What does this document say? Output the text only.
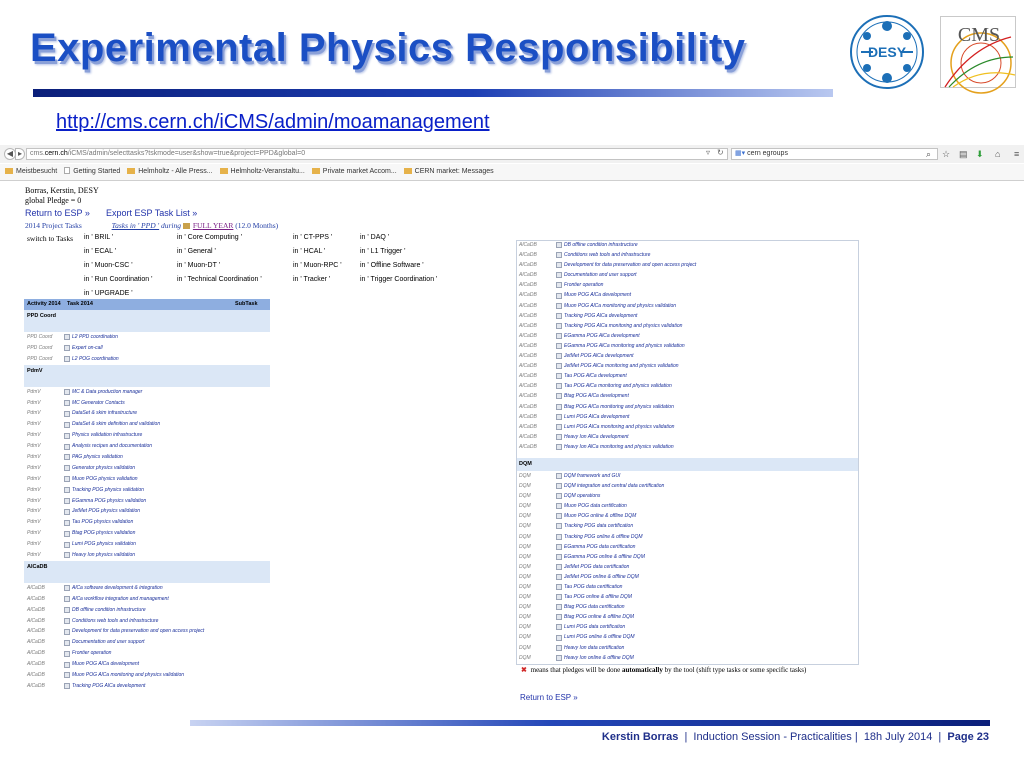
Experimental Physics Responsibility	DESY
CMS
http://cms.cern.ch/iCMS/admin/moamanagement
◀ ▸	cms.cern.ch/iCMS/admin/selecttasks?tskmode=user&show=true&project=PPD&global=0	▿ ↻	▦▾ cern egroups	⌕ ☆ ▤ ⬇ ⌂ ≡
Meistbesucht Getting Started	Helmholtz - Alle Press...	Helmholtz-Veranstaltu...	Private market Accom...	CERN market: Messages
Borras, Kerstin, DESY
global Pledge = 0
Return to ESP » Export ESP Task List »
2014 Project Tasks	Tasks in ' PPD ' during FULL YEAR (12.0 Months)
switch to Tasks in ' BRIL '	in ' Core Computing '	in ' CT-PPS '	in ' DAQ '
in ' ECAL '	in ' General '	in ' HCAL '	in ' L1 Trigger '
in ' Muon-CSC '	in ' Muon-DT '	in ' Muon-RPC '	in ' Offline Software '
in ' Run Coordination '	in ' Technical Coordination '	in ' Tracker '	in ' Trigger Coordination '
in ' UPGRADE '
Activity 2014	Task 2014	SubTask
PPD Coord
PPD Coord	L2 PPD coordination
PPD Coord	Expert on-call
PPD Coord	L2 POG coordination
PdmV
PdmV	MC & Data production manager
PdmV	MC Generator Contacts
PdmV	DataSet & skim infrastructure
PdmV	DataSet & skim definition and validation
PdmV	Physics validation infrastructure
PdmV	Analysis recipes and documentation
PdmV	PAG physics validation
PdmV	Generator physics validation
PdmV	Muon POG physics validation
PdmV	Tracking POG physics validation
PdmV	EGamma POG physics validation
PdmV	JetMet POG physics validation
PdmV	Tau POG physics validation
PdmV	Btag POG physics validation
PdmV	Lumi POG physics validation
PdmV	Heavy Ion physics validation
AlCaDB
AlCaDB	AlCa software development & integration
AlCaDB	AlCa workflow integration and management
AlCaDB	DB offline condition infrastructure
AlCaDB	Conditions web tools and infrastructure
AlCaDB	Development for data preservation and open access project
AlCaDB	Documentation and user support
AlCaDB	Frontier operation
AlCaDB	Muon POG AlCa development
AlCaDB	Muon POG AlCa monitoring and physics validation
AlCaDB	Tracking POG AlCa development
AlCaDB	DB offline condition infrastructure
AlCaDB	Conditions web tools and infrastructure
AlCaDB	Development for data preservation and open access project
AlCaDB	Documentation and user support
AlCaDB	Frontier operation
AlCaDB	Muon POG AlCa development
AlCaDB	Muon POG AlCa monitoring and physics validation
AlCaDB	Tracking POG AlCa development
AlCaDB	Tracking POG AlCa monitoring and physics validation
AlCaDB	EGamma POG AlCa development
AlCaDB	EGamma POG AlCa monitoring and physics validation
AlCaDB	JetMet POG AlCa development
AlCaDB	JetMet POG AlCa monitoring and physics validation
AlCaDB	Tau POG AlCa development
AlCaDB	Tau POG AlCa monitoring and physics validation
AlCaDB	Btag POG AlCa development
AlCaDB	Btag POG AlCa monitoring and physics validation
AlCaDB	Lumi POG AlCa development
AlCaDB	Lumi POG AlCa monitoring and physics validation
AlCaDB	Heavy Ion AlCa development
AlCaDB	Heavy Ion AlCa monitoring and physics validation
DQM
DQM	DQM framework and GUI
DQM	DQM integration and central data certification
DQM	DQM operations
DQM	Muon POG data certification
DQM	Muon POG online & offline DQM
DQM	Tracking POG data certification
DQM	Tracking POG online & offline DQM
DQM	EGamma POG data certification
DQM	EGamma POG online & offline DQM
DQM	JetMet POG data certification
DQM	JetMet POG online & offline DQM
DQM	Tau POG data certification
DQM	Tau POG online & offline DQM
DQM	Btag POG data certification
DQM	Btag POG online & offline DQM
DQM	Lumi POG data certification
DQM	Lumi POG online & offline DQM
DQM	Heavy Ion data certification
DQM	Heavy Ion online & offline DQM
✖ means that pledges will be done automatically by the tool (shift type tasks or some specific tasks)
Return to ESP »
Kerstin Borras  |  Induction Session - Practicalities |  18h July 2014  |  Page 23
